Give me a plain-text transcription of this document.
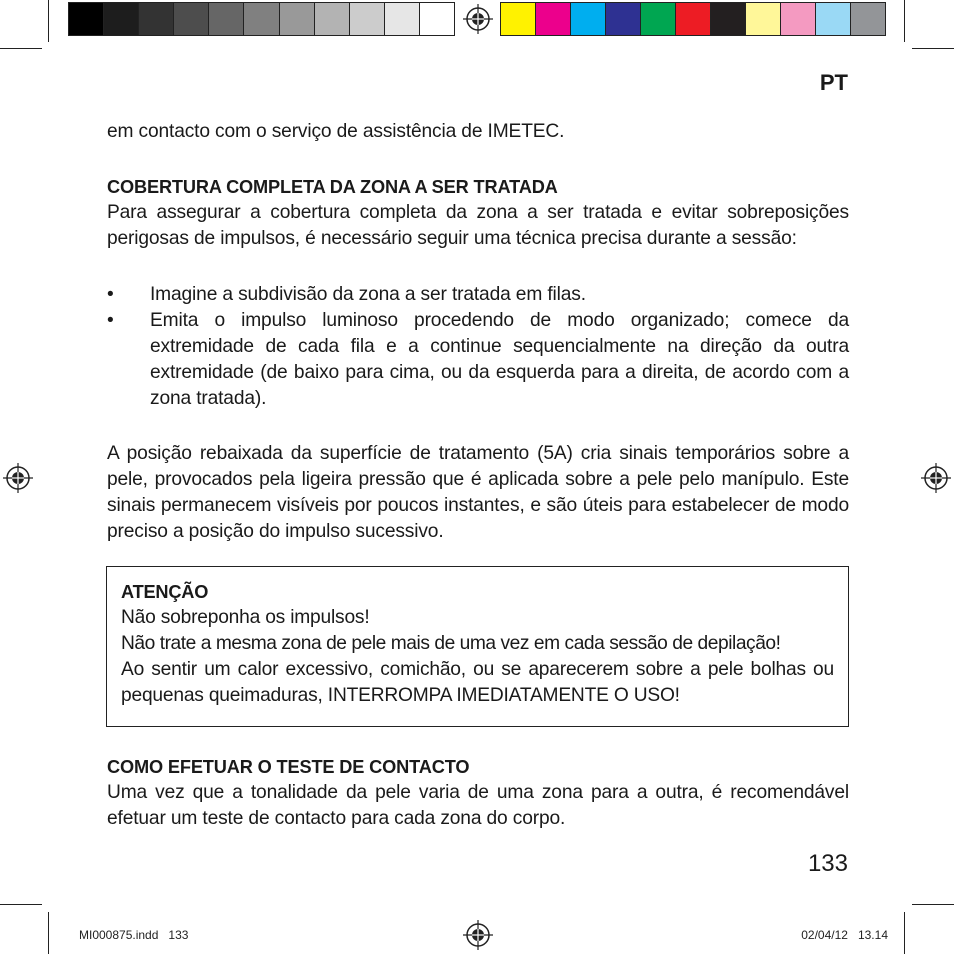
PT

em contacto com o serviço de assistência de IMETEC.

COBERTURA COMPLETA DA ZONA A SER TRATADA

Para assegurar a cobertura completa da zona a ser tratada e evitar sobreposições perigosas de impulsos, é necessário seguir uma técnica precisa durante a sessão:

• Imagine a subdivisão da zona a ser tratada em filas.
• Emita o impulso luminoso procedendo de modo organizado; comece da extremidade de cada fila e a continue sequencialmente na direção da outra extremidade (de baixo para cima, ou da esquerda para a direita, de acordo com a zona tratada).

A posição rebaixada da superfície de tratamento (5A) cria sinais temporários sobre a pele, provocados pela ligeira pressão que é aplicada sobre a pele pelo manípulo. Este sinais permanecem visíveis por poucos instantes, e são úteis para estabelecer de modo preciso a posição do impulso sucessivo.

ATENÇÃO
Não sobreponha os impulsos!
Não trate a mesma zona de pele mais de uma vez em cada sessão de depilação!
Ao sentir um calor excessivo, comichão, ou se aparecerem sobre a pele bolhas ou pequenas queimaduras, INTERROMPA IMEDIATAMENTE O USO!

COMO EFETUAR O TESTE DE CONTACTO

Uma vez que a tonalidade da pele varia de uma zona para a outra, é recomendável efetuar um teste de contacto para cada zona do corpo.

133
MI000875.indd   133	02/04/12   13.14
